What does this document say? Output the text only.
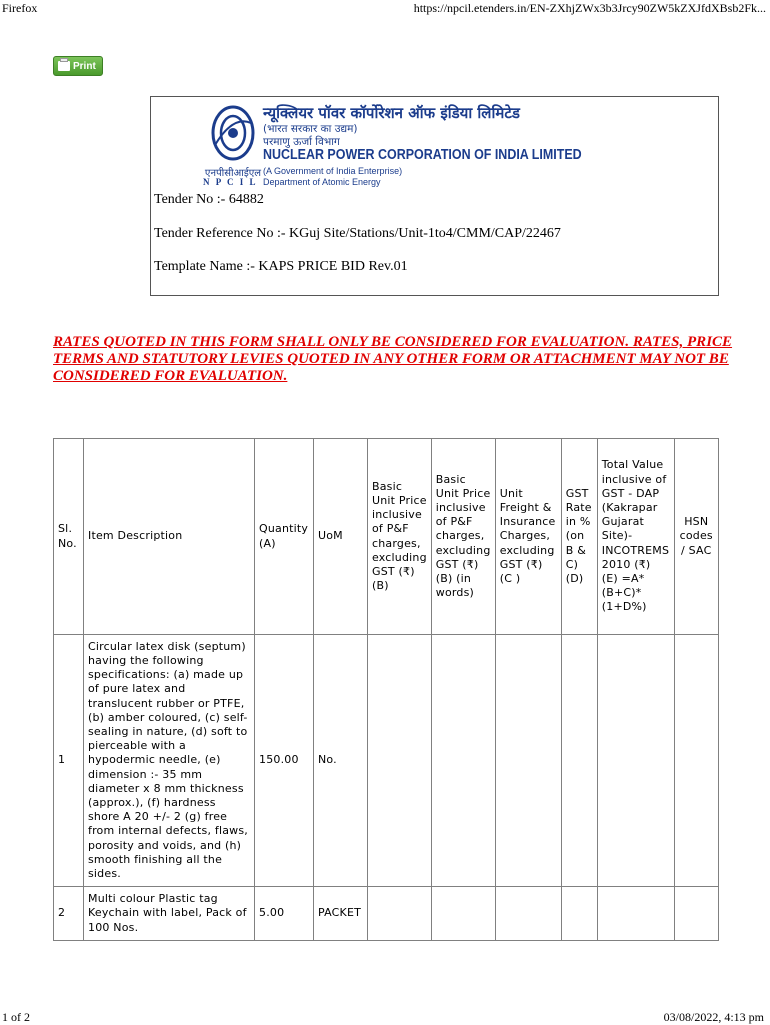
Firefox	https://npcil.etenders.in/EN-ZXhjZWx3b3Jrcy90ZW5kZXJfdXBsb2Fk...
Print
एनपीसीआईएल
N P C I L
न्यूक्लियर पॉवर कॉर्पोरेशन ऑफ इंडिया लिमिटेड
(भारत सरकार का उद्यम)
परमाणु ऊर्जा विभाग
NUCLEAR POWER CORPORATION OF INDIA LIMITED
(A Government of India Enterprise)
Department of Atomic Energy
Tender No :- 64882
Tender Reference No :- KGuj Site/Stations/Unit-1to4/CMM/CAP/22467
Template Name :- KAPS PRICE BID Rev.01
RATES QUOTED IN THIS FORM SHALL ONLY BE CONSIDERED FOR EVALUATION. RATES, PRICE TERMS AND STATUTORY LEVIES QUOTED IN ANY OTHER FORM OR ATTACHMENT MAY NOT BE CONSIDERED FOR EVALUATION.
Sl. No.	Item Description	Quantity (A)	UoM	Basic Unit Price inclusive of P&F charges, excluding GST (₹) (B)	Basic Unit Price inclusive of P&F charges, excluding GST (₹) (B) (in words)	Unit Freight & Insurance Charges, excluding GST (₹) (C )	GST Rate in % (on B & C) (D)	Total Value inclusive of GST - DAP (Kakrapar Gujarat Site)- INCOTREMS 2010 (₹) (E) =A*(B+C)*(1+D%)	HSN codes / SAC
1	Circular latex disk (septum) having the following specifications: (a) made up of pure latex and translucent rubber or PTFE, (b) amber coloured, (c) self-sealing in nature, (d) soft to pierceable with a hypodermic needle, (e) dimension :- 35 mm diameter x 8 mm thickness (approx.), (f) hardness shore A 20 +/- 2 (g) free from internal defects, flaws, porosity and voids, and (h) smooth finishing all the sides.	150.00	No.						
2	Multi colour Plastic tag Keychain with label, Pack of 100 Nos.	5.00	PACKET						
1 of 2	03/08/2022, 4:13 pm
